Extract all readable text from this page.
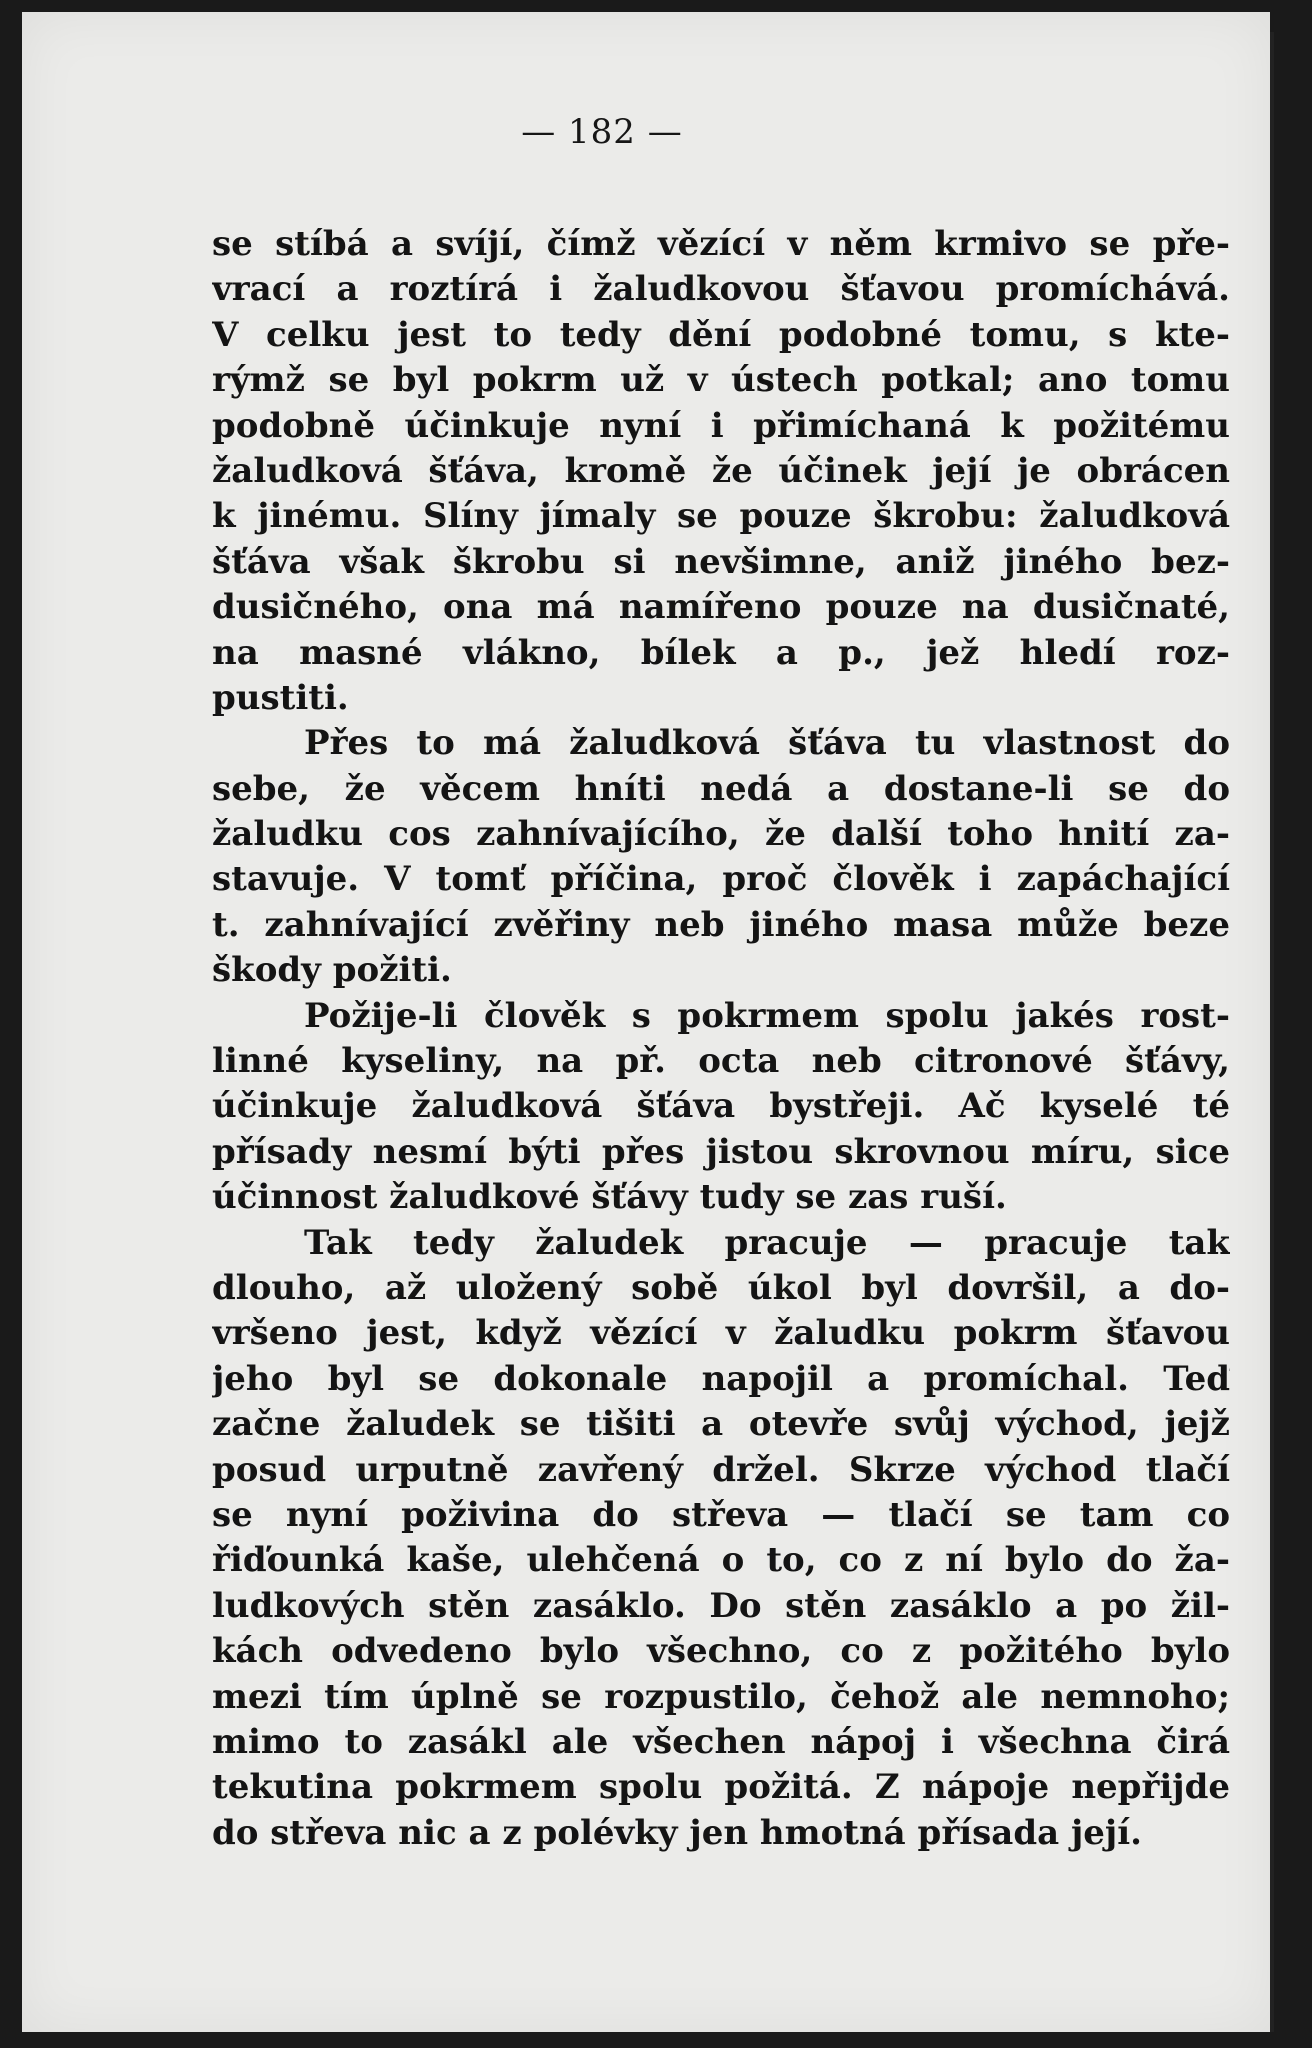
— 182 —
se stíbá a svíjí, čímž vězící v něm krmivo se pře-
vrací a roztírá i žaludkovou šťavou promíchává.
V celku jest to tedy dění podobné tomu, s kte-
rýmž se byl pokrm už v ústech potkal; ano tomu
podobně účinkuje nyní i přimíchaná k požitému
žaludková šťáva, kromě že účinek její je obrácen
k jinému. Slíny jímaly se pouze škrobu: žaludková
šťáva však škrobu si nevšimne, aniž jiného bez-
dusičného, ona má namířeno pouze na dusičnaté,
na masné vlákno, bílek a p., jež hledí roz-
pustiti.
Přes to má žaludková šťáva tu vlastnost do
sebe, že věcem hníti nedá a dostane-li se do
žaludku cos zahnívajícího, že další toho hnití za-
stavuje. V tomť příčina, proč člověk i zapáchající
t. zahnívající zvěřiny neb jiného masa může beze
škody požiti.
Požije-li člověk s pokrmem spolu jakés rost-
linné kyseliny, na př. octa neb citronové šťávy,
účinkuje žaludková šťáva bystřeji. Ač kyselé té
přísady nesmí býti přes jistou skrovnou míru, sice
účinnost žaludkové šťávy tudy se zas ruší.
Tak tedy žaludek pracuje — pracuje tak
dlouho, až uložený sobě úkol byl dovršil, a do-
vršeno jest, když vězící v žaludku pokrm šťavou
jeho byl se dokonale napojil a promíchal. Teď
začne žaludek se tišiti a otevře svůj východ, jejž
posud urputně zavřený držel. Skrze východ tlačí
se nyní poživina do střeva — tlačí se tam co
řiďounká kaše, ulehčená o to, co z ní bylo do ža-
ludkových stěn zasáklo. Do stěn zasáklo a po žil-
kách odvedeno bylo všechno, co z požitého bylo
mezi tím úplně se rozpustilo, čehož ale nemnoho;
mimo to zasákl ale všechen nápoj i všechna čirá
tekutina pokrmem spolu požitá. Z nápoje nepřijde
do střeva nic a z polévky jen hmotná přísada její.
